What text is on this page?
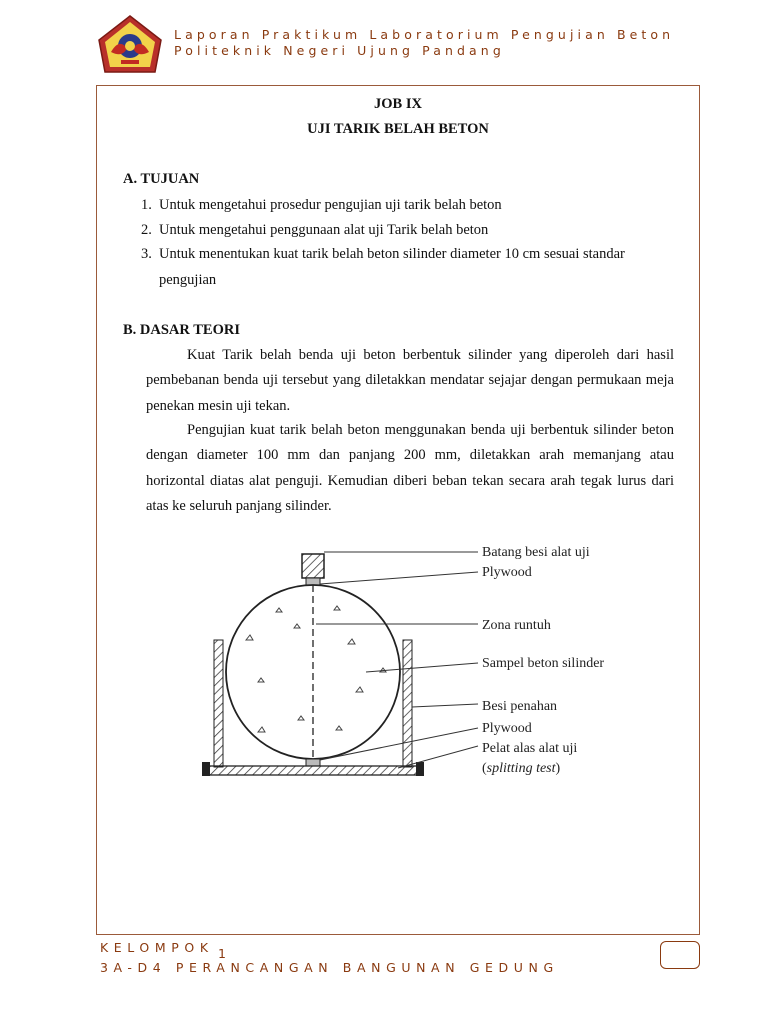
Laporan Praktikum Laboratorium Pengujian Beton
Politeknik Negeri Ujung Pandang
JOB IX
UJI TARIK BELAH BETON
A. TUJUAN
1. Untuk mengetahui prosedur pengujian uji tarik belah beton
2. Untuk mengetahui penggunaan alat uji Tarik belah beton
3. Untuk menentukan kuat tarik belah beton silinder diameter 10 cm sesuai standar
pengujian
B. DASAR TEORI
Kuat Tarik belah benda uji beton berbentuk silinder yang diperoleh dari hasil pembebanan benda uji tersebut yang diletakkan mendatar sejajar dengan permukaan meja penekan mesin uji tekan.
Pengujian kuat tarik belah beton menggunakan benda uji berbentuk silinder beton dengan diameter 100 mm dan panjang 200 mm, diletakkan arah memanjang atau horizontal diatas alat penguji. Kemudian diberi beban tekan secara arah tegak lurus dari atas ke seluruh panjang silinder.
Batang besi alat uji
Plywood
Zona runtuh
Sampel beton silinder
Besi penahan
Plywood
Pelat alas alat uji
(splitting test)
KELOMPOK 1
3A-D4 PERANCANGAN BANGUNAN GEDUNG
